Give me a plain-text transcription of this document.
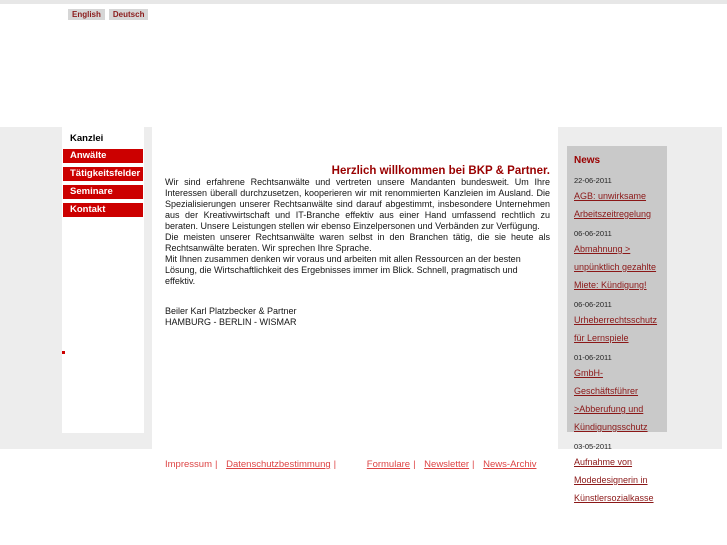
English	Deutsch
Kanzlei
Anwälte
Tätigkeitsfelder
Seminare
Kontakt
Herzlich willkommen bei BKP & Partner.

Wir sind erfahrene Rechtsanwälte und vertreten unsere Mandanten bundesweit. Um Ihre Interessen überall durchzusetzen, kooperieren wir mit renommierten Kanzleien im Ausland. Die Spezialisierungen unserer Rechtsanwälte sind darauf abgestimmt, insbesondere Unternehmen aus der Kreativwirtschaft und IT-Branche effektiv aus einer Hand umfassend rechtlich zu beraten. Unsere Leistungen stellen wir ebenso Einzelpersonen und Verbänden zur Verfügung.

Die meisten unserer Rechtsanwälte waren selbst in den Branchen tätig, die sie heute als Rechtsanwälte beraten. Wir sprechen Ihre Sprache.

Mit Ihnen zusammen denken wir voraus und arbeiten mit allen Ressourcen an der besten Lösung, die Wirtschaftlichkeit des Ergebnisses immer im Blick. Schnell, pragmatisch und effektiv.

Beiler Karl Platzbecker & Partner
HAMBURG - BERLIN - WISMAR
News
22-06-2011
AGB: unwirksame Arbeitszeitregelung
06-06-2011
Abmahnung > unpünktlich gezahlte Miete: Kündigung!
06-06-2011
Urheberrechtsschutz für Lernspiele
01-06-2011
GmbH-Geschäftsführer >Abberufung und Kündigungsschutz
03-05-2011
Aufnahme von Modedesignerin in Künstlersozialkasse
Impressum | Datenschutzbestimmung |	Formulare | Newsletter | News-Archiv
